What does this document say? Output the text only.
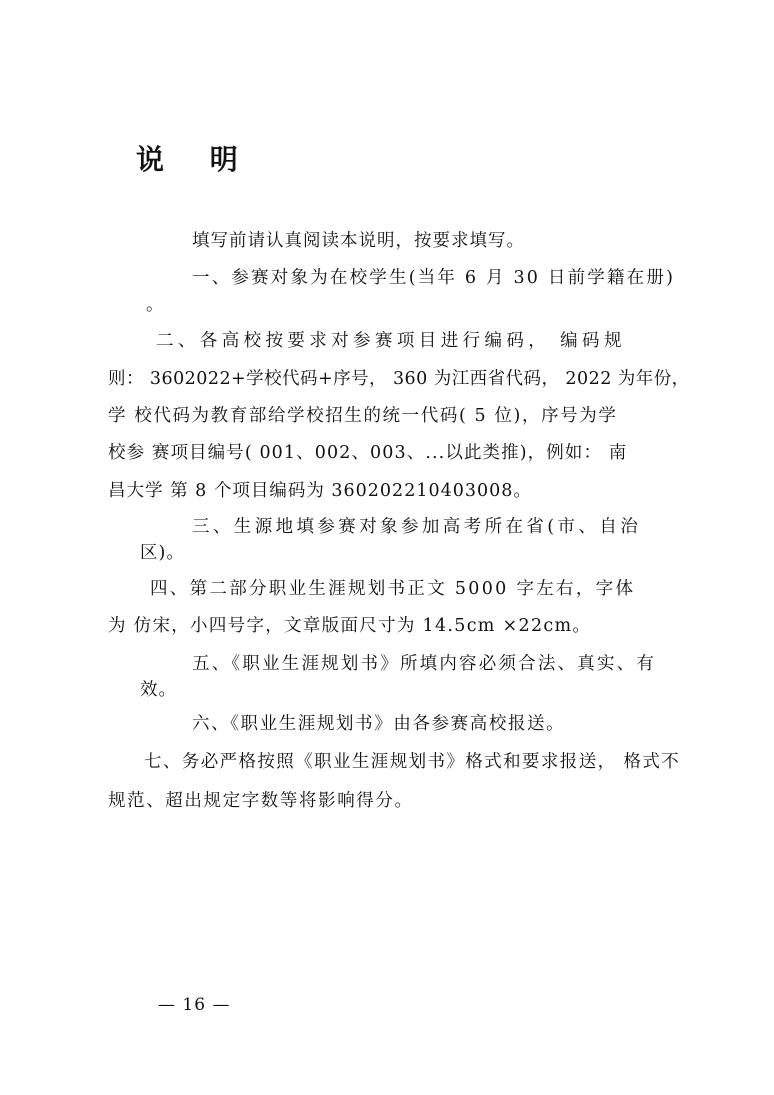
说 明
填写前请认真阅读本说明，按要求填写。
一、参赛对象为在校学生(当年 6 月 30 日前学籍在册)
。
二、各高校按要求对参赛项目进行编码， 编码规
则： 3602022+学校代码+序号， 360 为江西省代码， 2022 为年份，
学 校代码为教育部给学校招生的统一代码( 5 位)，序号为学
校参 赛项目编号( 001、002、003、...以此类推)，例如： 南
昌大学 第 8 个项目编码为 360202210403008。
三、生源地填参赛对象参加高考所在省(市、自治
区)。
四、第二部分职业生涯规划书正文 5000 字左右，字体
为 仿宋，小四号字，文章版面尺寸为 14.5cm ×22cm。
五、《职业生涯规划书》所填内容必须合法、真实、有
效。
六、《职业生涯规划书》由各参赛高校报送。
七、务必严格按照《职业生涯规划书》格式和要求报送， 格式不
规范、超出规定字数等将影响得分。
— 16 —
